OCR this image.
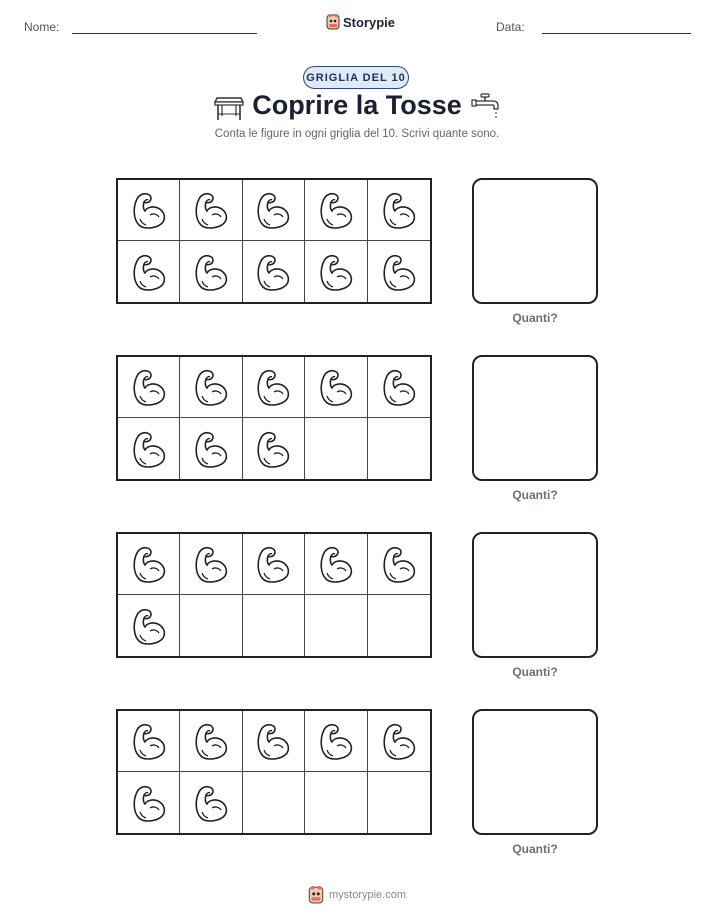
Nome:	Storypie	Data:
GRIGLIA DEL 10
Coprire la Tosse
Conta le figure in ogni griglia del 10. Scrivi quante sono.
Quanti?
Quanti?
Quanti?
Quanti?
mystorypie.com
